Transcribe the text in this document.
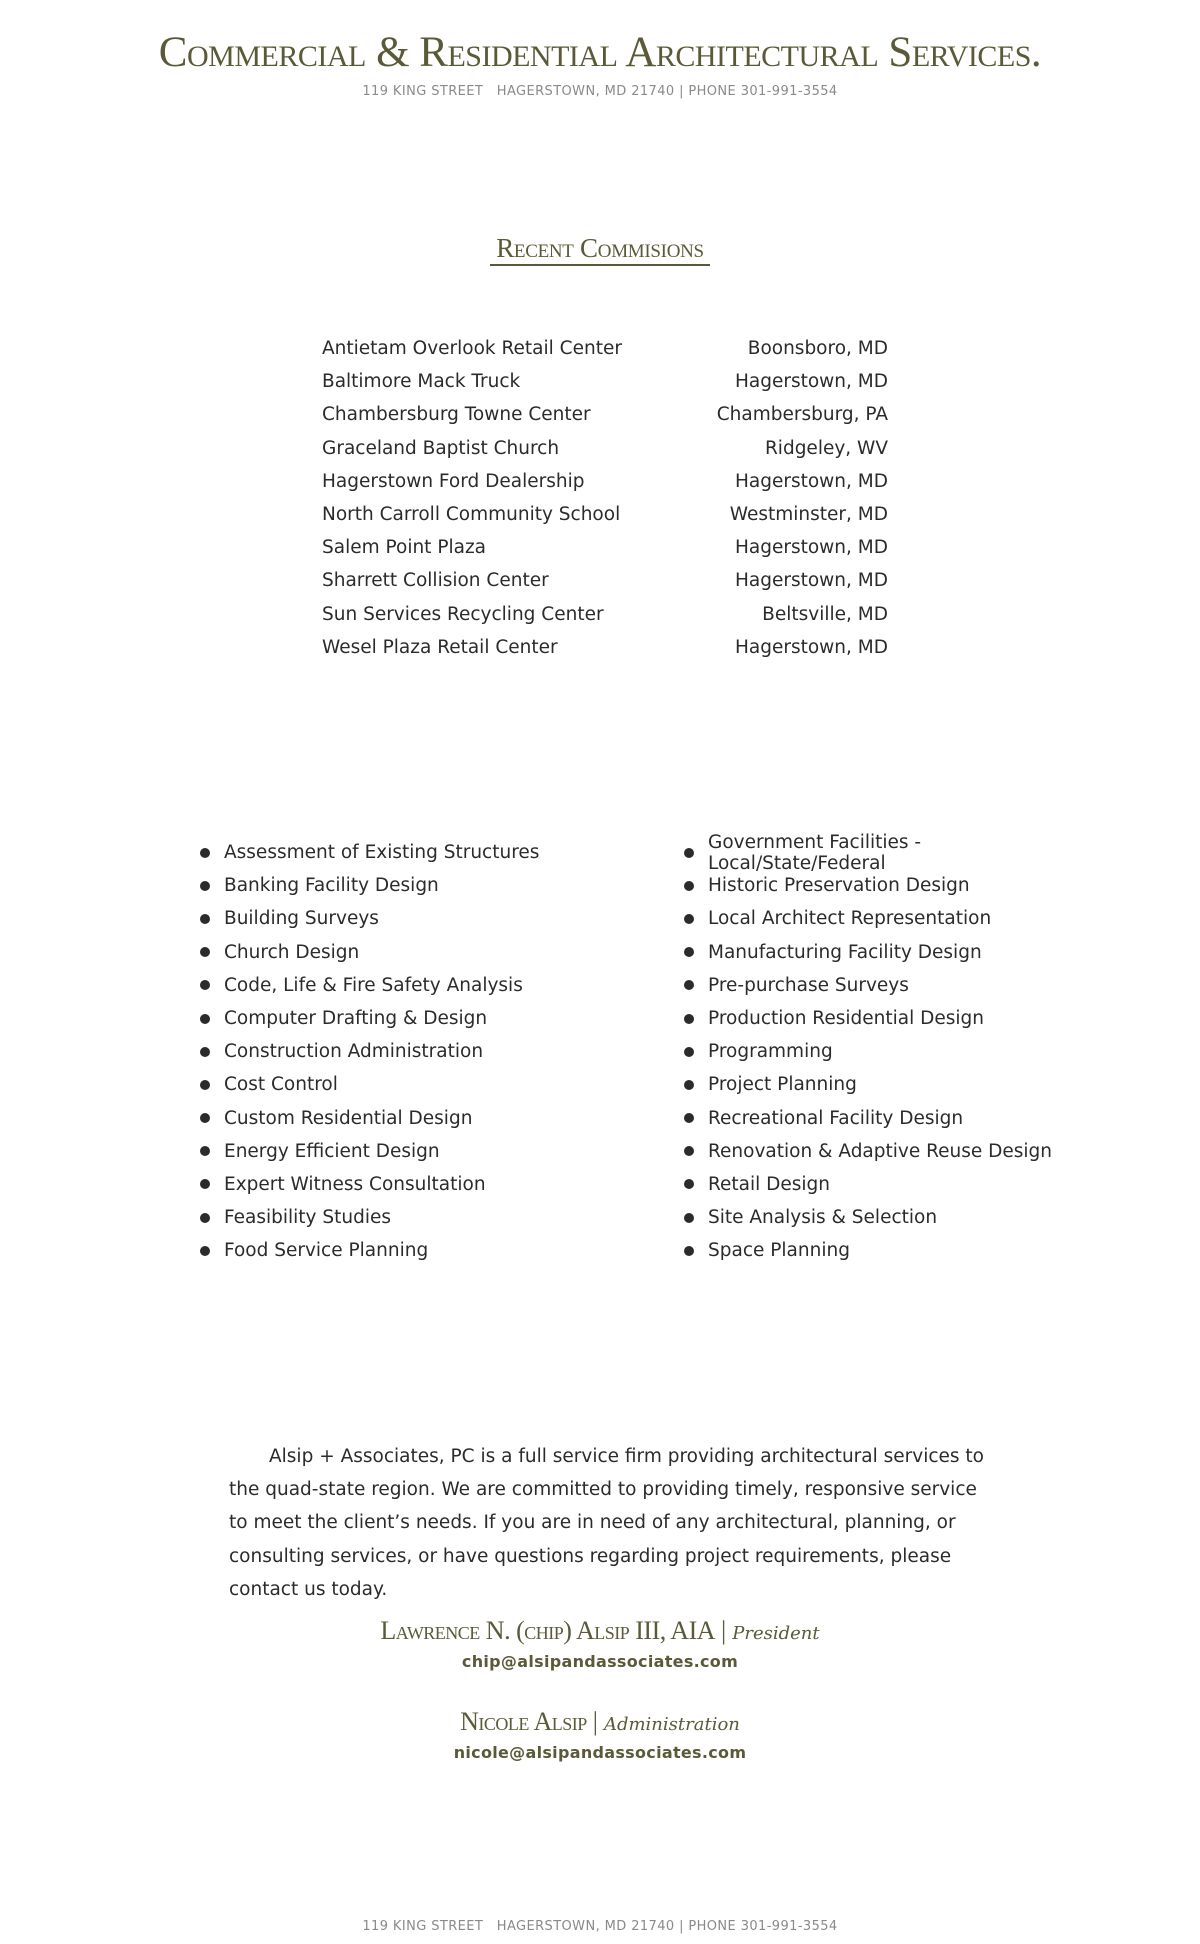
Commercial & Residential Architectural Services.
119 KING STREET   HAGERSTOWN, MD 21740 | PHONE 301-991-3554
Recent Commisions
Antietam Overlook Retail Center	Boonsboro, MD
Baltimore Mack Truck	Hagerstown, MD
Chambersburg Towne Center	Chambersburg, PA
Graceland Baptist Church	Ridgeley, WV
Hagerstown Ford Dealership	Hagerstown, MD
North Carroll Community School	Westminster, MD
Salem Point Plaza	Hagerstown, MD
Sharrett Collision Center	Hagerstown, MD
Sun Services Recycling Center	Beltsville, MD
Wesel Plaza Retail Center	Hagerstown, MD
Assessment of Existing Structures
Banking Facility Design
Building Surveys
Church Design
Code, Life & Fire Safety Analysis
Computer Drafting & Design
Construction Administration
Cost Control
Custom Residential Design
Energy Efficient Design
Expert Witness Consultation
Feasibility Studies
Food Service Planning
Government Facilities - Local/State/Federal
Historic Preservation Design
Local Architect Representation
Manufacturing Facility Design
Pre-purchase Surveys
Production Residential Design
Programming
Project Planning
Recreational Facility Design
Renovation & Adaptive Reuse Design
Retail Design
Site Analysis & Selection
Space Planning

Alsip + Associates, PC is a full service firm providing architectural services to the quad-state region. We are committed to providing timely, responsive service to meet the client’s needs. If you are in need of any architectural, planning, or consulting services, or have questions regarding project requirements, please contact us today.

Lawrence N. (chip) Alsip III, AIA | President
chip@alsipandassociates.com
Nicole Alsip | Administration
nicole@alsipandassociates.com
119 KING STREET   HAGERSTOWN, MD 21740 | PHONE 301-991-3554
